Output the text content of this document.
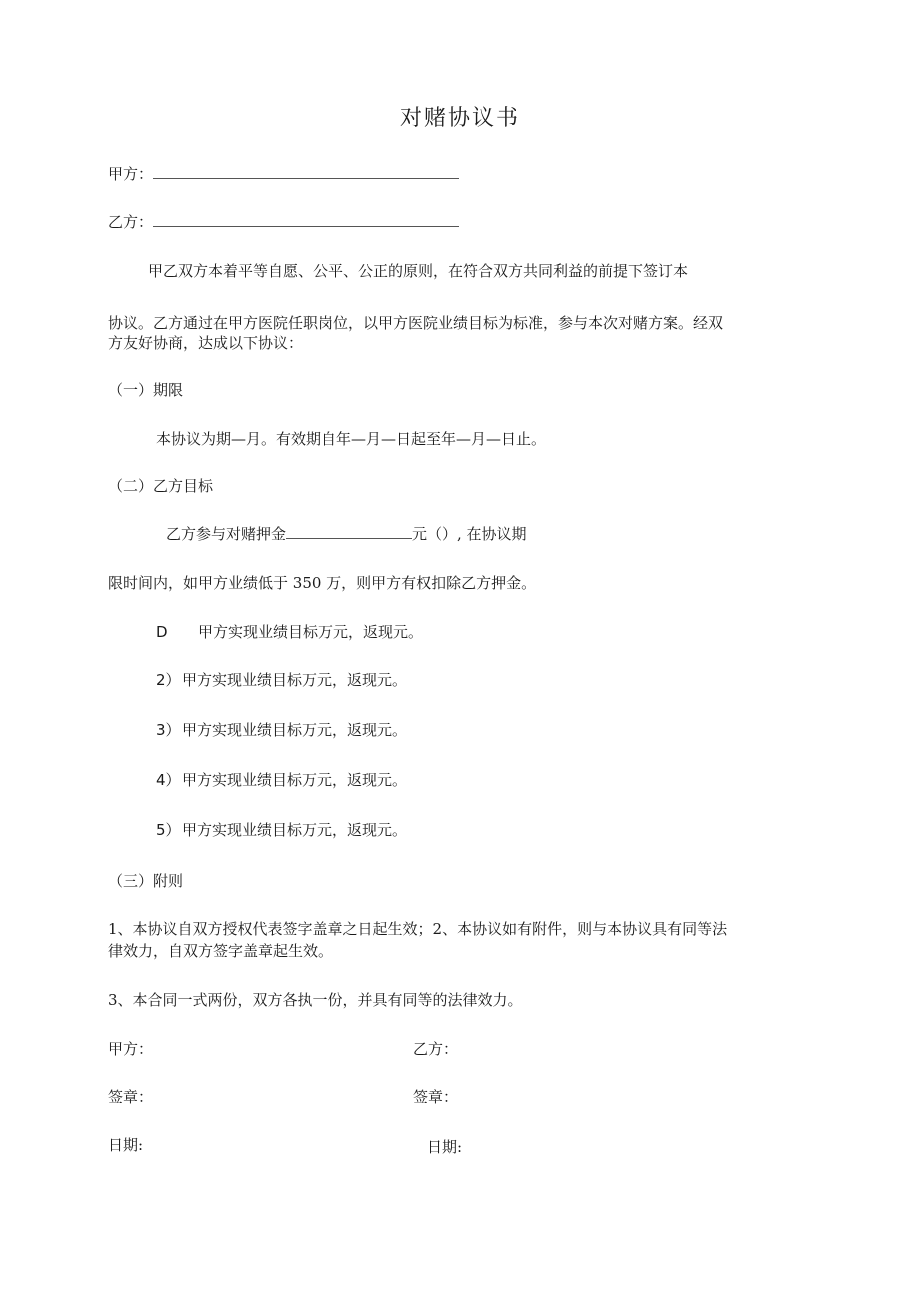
对赌协议书
甲方：
乙方：
甲乙双方本着平等自愿、公平、公正的原则，在符合双方共同利益的前提下签订本
协议。乙方通过在甲方医院任职岗位，以甲方医院业绩目标为标准，参与本次对赌方案。经双
方友好协商，达成以下协议：
（一）期限
本协议为期—月。有效期自年—月—日起至年—月—日止。
（二）乙方目标
乙方参与对赌押金	元（）, 在协议期
限时间内，如甲方业绩低于 350 万，则甲方有权扣除乙方押金。
D 甲方实现业绩目标万元，返现元。
2）甲方实现业绩目标万元，返现元。
3）甲方实现业绩目标万元，返现元。
4）甲方实现业绩目标万元，返现元。
5）甲方实现业绩目标万元，返现元。
（三）附则
1、本协议自双方授权代表签字盖章之日起生效；2、本协议如有附件，则与本协议具有同等法
律效力，自双方签字盖章起生效。
3、本合同一式两份，双方各执一份，并具有同等的法律效力。
甲方：	乙方：
签章：	签章：
日期:	日期:
